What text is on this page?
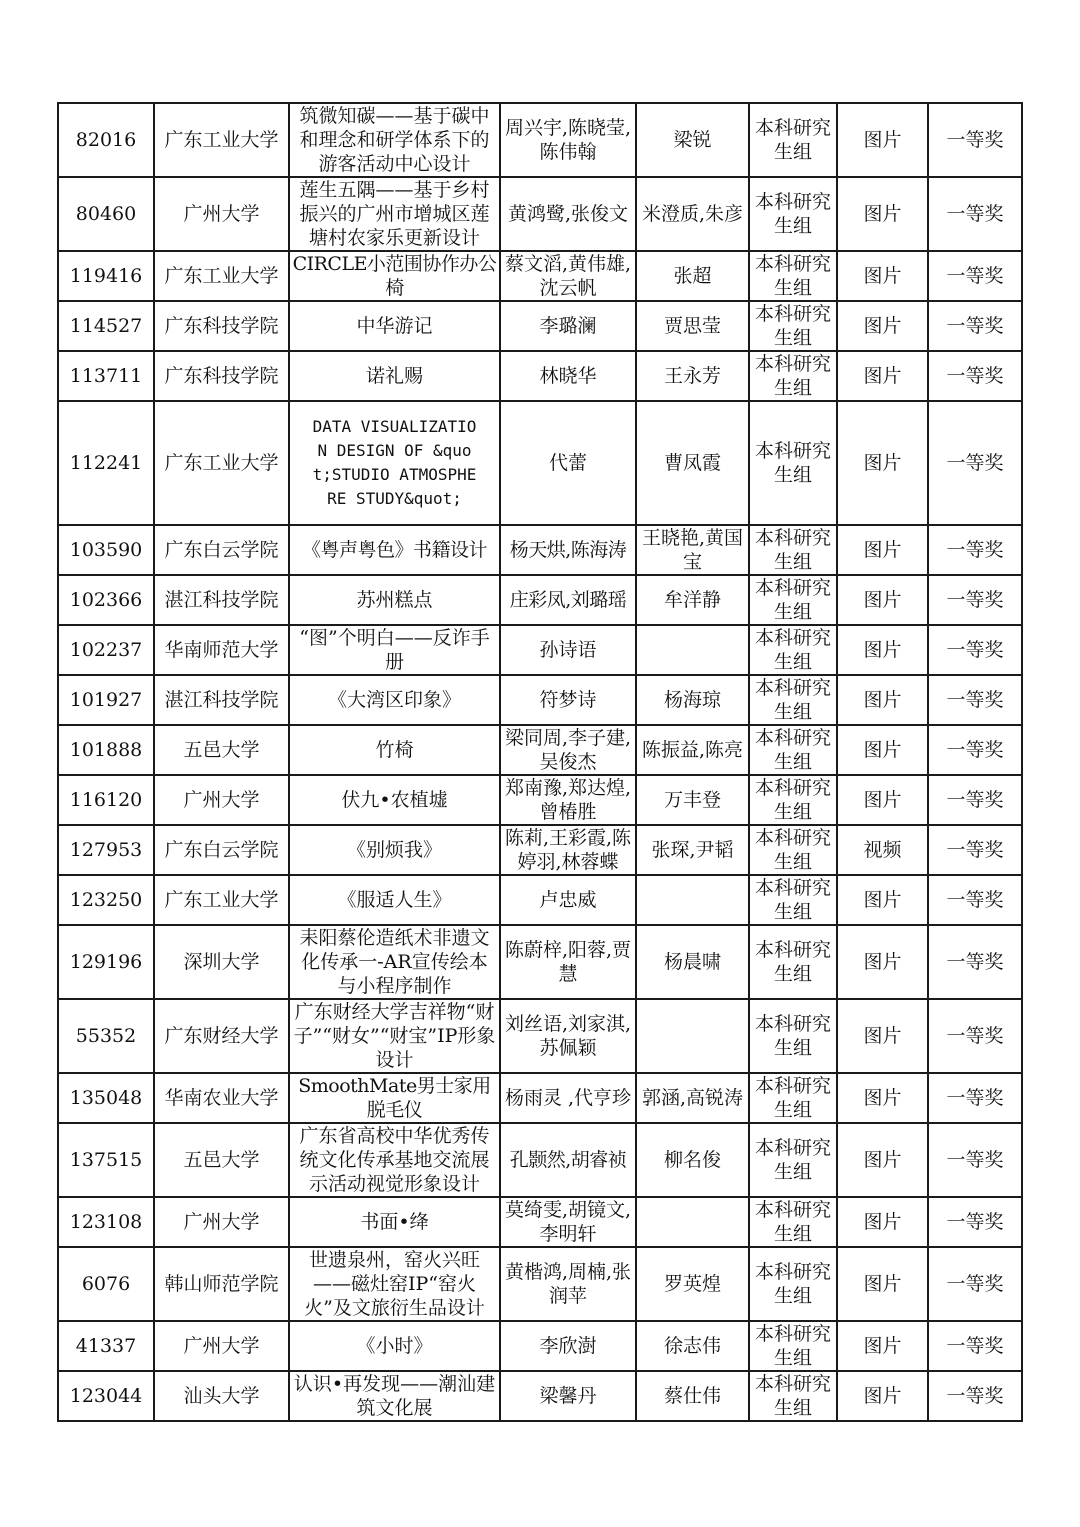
82016	广东工业大学	筑微知碳——基于碳中和理念和研学体系下的游客活动中心设计	周兴宇,陈晓莹,陈伟翰	梁锐	本科研究生组	图片	一等奖
80460	广州大学	莲生五隅——基于乡村振兴的广州市增城区莲塘村农家乐更新设计	黄鸿鹭,张俊文	米澄质,朱彦	本科研究生组	图片	一等奖
119416	广东工业大学	CIRCLE小范围协作办公椅	蔡文滔,黄伟雄,沈云帆	张超	本科研究生组	图片	一等奖
114527	广东科技学院	中华游记	李璐澜	贾思莹	本科研究生组	图片	一等奖
113711	广东科技学院	诺礼赐	林晓华	王永芳	本科研究生组	图片	一等奖
112241	广东工业大学	DATA VISUALIZATION DESIGN OF &quot;STUDIO ATMOSPHERE STUDY&quot;	代蕾	曹凤霞	本科研究生组	图片	一等奖
103590	广东白云学院	《粤声粤色》书籍设计	杨天烘,陈海涛	王晓艳,黄国宝	本科研究生组	图片	一等奖
102366	湛江科技学院	苏州糕点	庄彩凤,刘璐瑶	牟洋静	本科研究生组	图片	一等奖
102237	华南师范大学	“图”个明白——反诈手册	孙诗语		本科研究生组	图片	一等奖
101927	湛江科技学院	《大湾区印象》	符梦诗	杨海琼	本科研究生组	图片	一等奖
101888	五邑大学	竹椅	梁同周,李子建,吴俊杰	陈振益,陈亮	本科研究生组	图片	一等奖
116120	广州大学	伏九•农植墟	郑南豫,郑达煌,曾椿胜	万丰登	本科研究生组	图片	一等奖
127953	广东白云学院	《别烦我》	陈莉,王彩霞,陈婷羽,林蓉蝶	张琛,尹韬	本科研究生组	视频	一等奖
123250	广东工业大学	《服适人生》	卢忠威		本科研究生组	图片	一等奖
129196	深圳大学	耒阳蔡伦造纸术非遗文化传承一-AR宣传绘本与小程序制作	陈蔚梓,阳蓉,贾慧	杨晨啸	本科研究生组	图片	一等奖
55352	广东财经大学	广东财经大学吉祥物“财子”“财女”“财宝”IP形象设计	刘丝语,刘家淇,苏佩颖		本科研究生组	图片	一等奖
135048	华南农业大学	SmoothMate男士家用脱毛仪	杨雨灵 ,代亨珍	郭涵,高锐涛	本科研究生组	图片	一等奖
137515	五邑大学	广东省高校中华优秀传统文化传承基地交流展示活动视觉形象设计	孔颢然,胡睿祯	柳名俊	本科研究生组	图片	一等奖
123108	广州大学	书面•绛	莫绮雯,胡镜文,李明轩		本科研究生组	图片	一等奖
6076	韩山师范学院	世遗泉州，窑火兴旺——磁灶窑IP“窑火火”及文旅衍生品设计	黄楷鸿,周楠,张润苹	罗英煌	本科研究生组	图片	一等奖
41337	广州大学	《小时》	李欣澍	徐志伟	本科研究生组	图片	一等奖
123044	汕头大学	认识•再发现——潮汕建筑文化展	梁馨丹	蔡仕伟	本科研究生组	图片	一等奖
